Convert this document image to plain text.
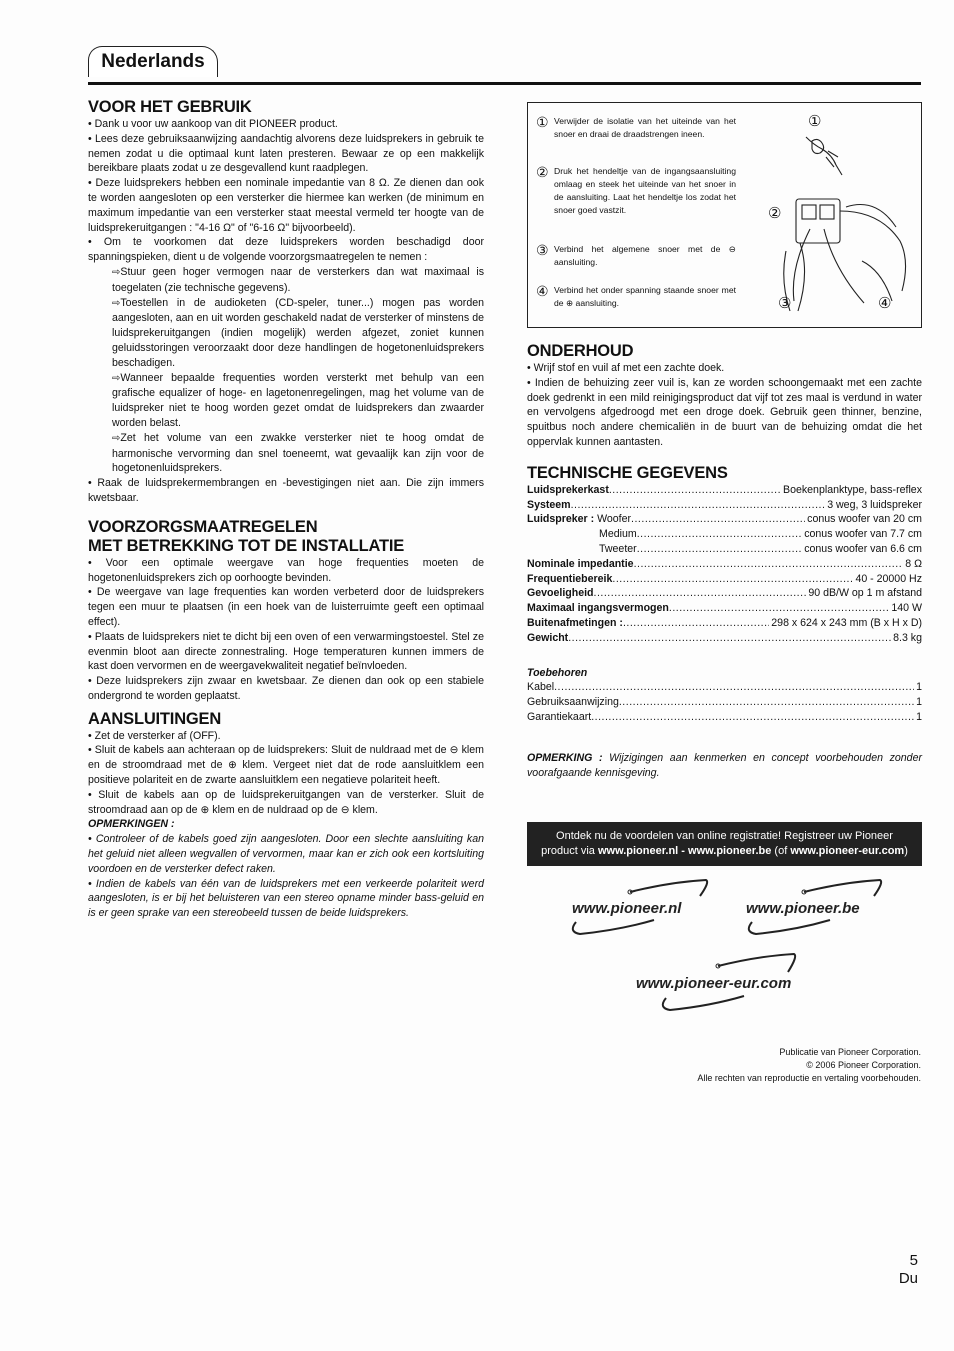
Nederlands
VOOR HET GEBRUIK

• Dank u voor uw aankoop van dit PIONEER product.

• Lees deze gebruiksaanwijzing aandachtig alvorens deze luidsprekers in gebruik te nemen zodat u die optimaal kunt laten presteren. Bewaar ze op een makkelijk bereikbare plaats zodat u ze desgevallend kunt raadplegen.

• Deze luidsprekers hebben een nominale impedantie van 8 Ω. Ze dienen dan ook te worden aangesloten op een versterker die hiermee kan werken (de minimum en maximum impedantie van een versterker staat meestal vermeld ter hoogte van de luidsprekeruitgangen : "4-16 Ω" of "6-16 Ω" bijvoorbeeld).

• Om te voorkomen dat deze luidsprekers worden beschadigd door spanningspieken, dient u de volgende voorzorgsmaatregelen te nemen :

⇨Stuur geen hoger vermogen naar de versterkers dan wat maximaal is toegelaten (zie technische gegevens).

⇨Toestellen in de audioketen (CD-speler, tuner...) mogen pas worden aangesloten, aan en uit worden geschakeld nadat de versterker of minstens de luidsprekeruitgangen (indien mogelijk) werden afgezet, zoniet kunnen geluidsstoringen veroorzaakt door deze handlingen de hogetonenluidsprekers beschadigen.

⇨Wanneer bepaalde frequenties worden versterkt met behulp van een grafische equalizer of hoge- en lagetonenregelingen, mag het volume van de luidspreker niet te hoog worden gezet omdat de luidsprekers dan zwaarder worden belast.

⇨Zet het volume van een zwakke versterker niet te hoog omdat de harmonische vervorming dan snel toeneemt, wat gevaalijk kan zijn voor de hogetonenluidsprekers.

• Raak de luidsprekermembrangen en -bevestigingen niet aan. Die zijn immers kwetsbaar.

VOORZORGSMAATREGELEN
MET BETREKKING TOT DE INSTALLATIE

• Voor een optimale weergave van hoge frequenties moeten de hogetonenluidsprekers zich op oorhoogte bevinden.

• De weergave van lage frequenties kan worden verbeterd door de luidsprekers tegen een muur te plaatsen (in een hoek van de luisterruimte geeft een optimaal effect).

• Plaats de luidsprekers niet te dicht bij een oven of een verwarmingstoestel. Stel ze evenmin bloot aan directe zonnestraling. Hoge temperaturen kunnen immers de kast doen vervormen en de weergavekwaliteit negatief beïnvloeden.

• Deze luidsprekers zijn zwaar en kwetsbaar. Ze dienen dan ook op een stabiele ondergrond te worden geplaatst.

AANSLUITINGEN

• Zet de versterker af (OFF).

• Sluit de kabels aan achteraan op de luidsprekers: Sluit de nuldraad met de ⊖ klem en de stroomdraad met de ⊕ klem. Vergeet niet dat de rode aansluitklem een positieve polariteit en de zwarte aansluitklem een negatieve polariteit heeft.

• Sluit de kabels aan op de luidsprekeruitgangen van de versterker. Sluit de stroomdraad aan op de ⊕ klem en de nuldraad op de ⊖ klem.

OPMERKINGEN :

• Controleer of de kabels goed zijn aangesloten. Door een slechte aansluiting kan het geluid niet alleen wegvallen of vervormen, maar kan er zich ook een kortsluiting voordoen en de versterker defect raken.

• Indien de kabels van één van de luidsprekers met een verkeerde polariteit werd aangesloten, is er bij het beluisteren van een stereo opname minder bass-geluid en is er geen sprake van een stereobeeld tussen de beide luidsprekers.

① Verwijder de isolatie van het uiteinde van het snoer en draai de draadstrengen ineen.
② Druk het hendeltje van de ingangsaansluiting omlaag en steek het uiteinde van het snoer in de aansluiting. Laat het hendeltje los zodat het snoer goed vastzit.
③ Verbind het algemene snoer met de ⊖ aansluiting.
④ Verbind het onder spanning staande snoer met de ⊕ aansluiting.
①
②
③	④
ONDERHOUD

• Wrijf stof en vuil af met een zachte doek.

• Indien de behuizing zeer vuil is, kan ze worden schoongemaakt met een zachte doek gedrenkt in een mild reinigingsproduct dat vijf tot zes maal is verdund in water en vervolgens afgedroogd met een droge doek. Gebruik geen thinner, benzine, spuitbus noch andere chemicaliën in de buurt van de behuizing omdat die het oppervlak kunnen aantasten.

TECHNISCHE GEGEVENS
Luidsprekerkast .....	Boekenplanktype, bass-reflex
Systeem .....	3 weg, 3 luidspreker
Luidspreker :
Woofer .....	conus woofer van 20 cm
Medium .....	conus woofer van 7.7 cm
Tweeter .....	conus woofer van 6.6 cm
Nominale impedantie .....	8 Ω
Frequentiebereik .....	40 - 20000 Hz
Gevoeligheid .....	90 dB/W op 1 m afstand
Maximaal ingangsvermogen .....	140 W
Buitenafmetingen : .....	298 x 624 x 243 mm (B x H x D)
Gewicht .....	8.3 kg

Toebehoren

Kabel .....	1
Gebruiksaanwijzing .....	1
Garantiekaart .....	1

OPMERKING : Wijzigingen aan kenmerken en concept voorbehouden zonder voorafgaande kennisgeving.

Ontdek nu de voordelen van online registratie! Registreer uw Pioneer
product via www.pioneer.nl - www.pioneer.be (of www.pioneer-eur.com)
www.pioneer.nl	www.pioneer.be
www.pioneer-eur.com
Publicatie van Pioneer Corporation.
© 2006 Pioneer Corporation.
Alle rechten van reproductie en vertaling voorbehouden.
5
Du
